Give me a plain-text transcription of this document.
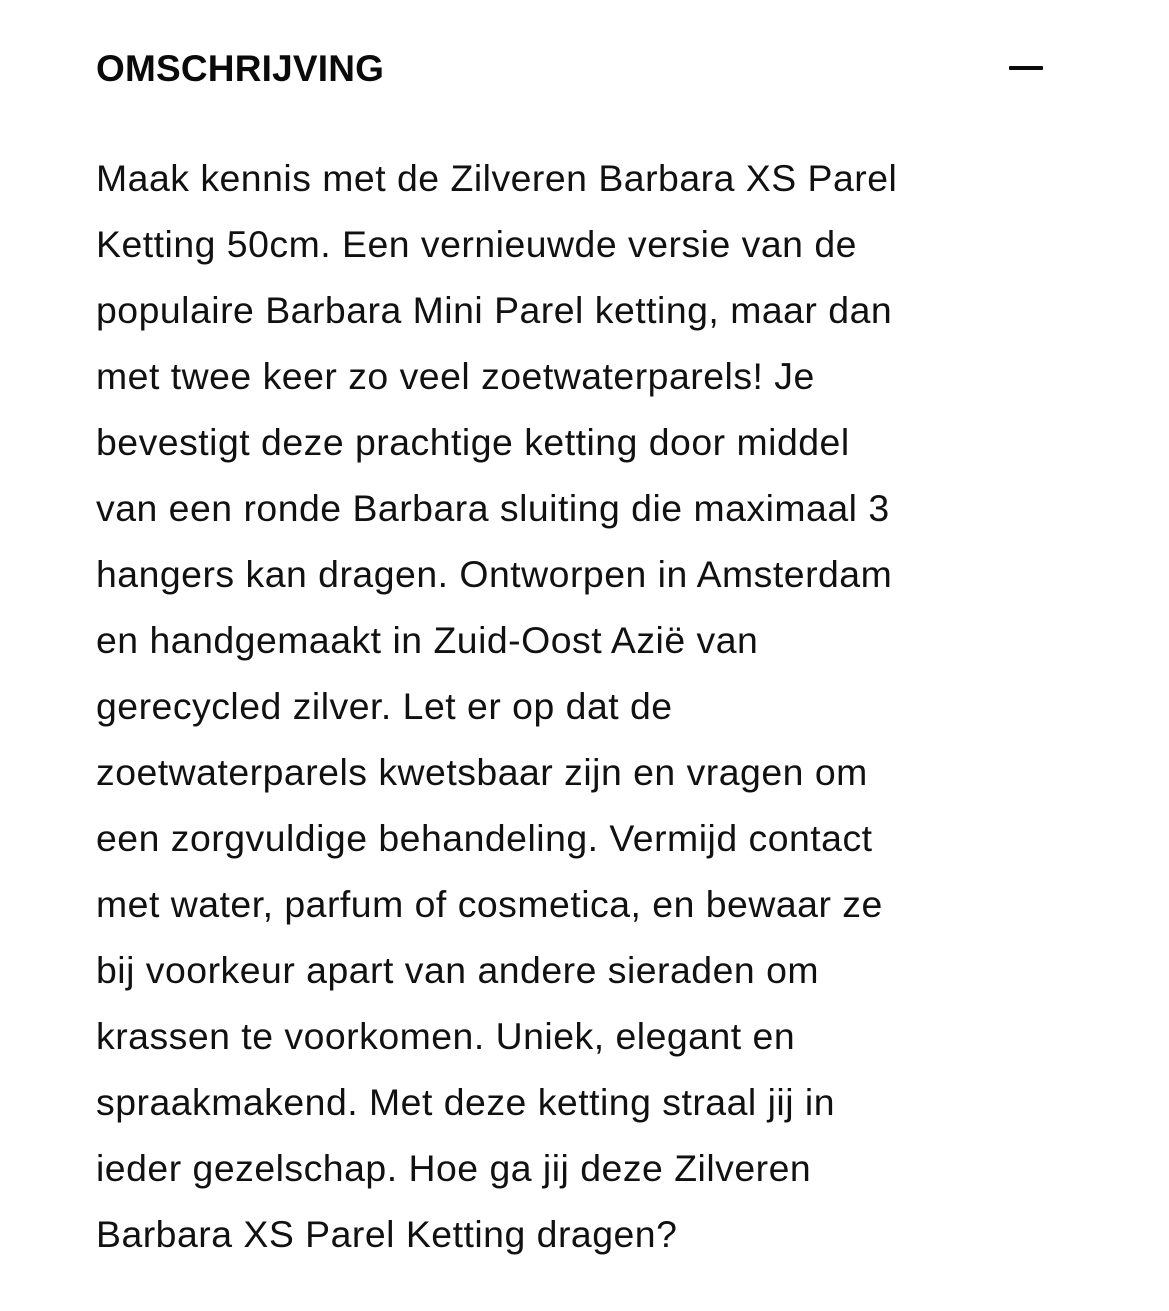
OMSCHRIJVING

Maak kennis met de Zilveren Barbara XS Parel
Ketting 50cm. Een vernieuwde versie van de
populaire Barbara Mini Parel ketting, maar dan
met twee keer zo veel zoetwaterparels! Je
bevestigt deze prachtige ketting door middel
van een ronde Barbara sluiting die maximaal 3
hangers kan dragen. Ontworpen in Amsterdam
en handgemaakt in Zuid-Oost Azië van
gerecycled zilver. Let er op dat de
zoetwaterparels kwetsbaar zijn en vragen om
een zorgvuldige behandeling. Vermijd contact
met water, parfum of cosmetica, en bewaar ze
bij voorkeur apart van andere sieraden om
krassen te voorkomen. Uniek, elegant en
spraakmakend. Met deze ketting straal jij in
ieder gezelschap. Hoe ga jij deze Zilveren
Barbara XS Parel Ketting dragen?
